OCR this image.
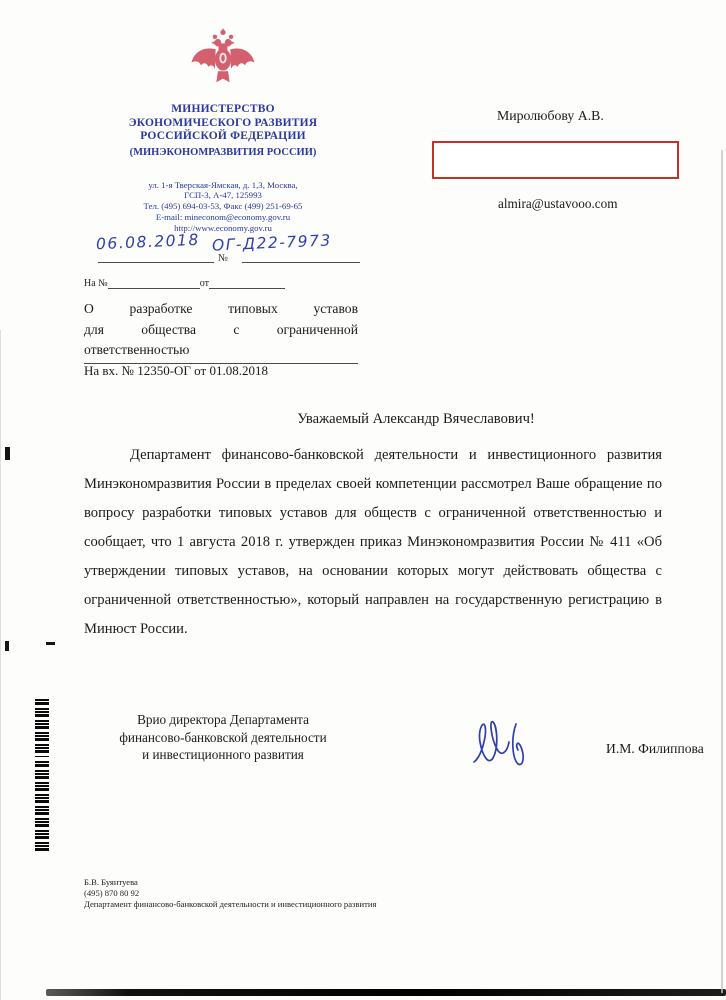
МИНИСТЕРСТВО
ЭКОНОМИЧЕСКОГО РАЗВИТИЯ
РОССИЙСКОЙ ФЕДЕРАЦИИ
(МИНЭКОНОМРАЗВИТИЯ РОССИИ)
ул. 1-я Тверская-Ямская, д. 1,3, Москва,
ГСП-3, А-47, 125993
Тел. (495) 694-03-53, Факс (499) 251-69-65
E-mail: mineconom@economy.gov.ru
http://www.economy.gov.ru
№
06.08.2018 ОГ-Д22-7973
На №	от
Миролюбову А.В.
almira@ustavooo.com
О разработке типовых уставов
для общества с ограниченной
ответственностью
На вх. № 12350-ОГ от 01.08.2018
Уважаемый Александр Вячеславович!
Департамент финансово-банковской деятельности и инвестиционного развития Минэкономразвития России в пределах своей компетенции рассмотрел Ваше обращение по вопросу разработки типовых уставов для обществ с ограниченной ответственностью и сообщает, что 1 августа 2018 г. утвержден приказ Минэкономразвития России № 411 «Об утверждении типовых уставов, на основании которых могут действовать общества с ограниченной ответственностью», который направлен на государственную регистрацию в Минюст России.
Врио директора Департамента
финансово-банковской деятельности
и инвестиционного развития	И.М. Филиппова
Б.В. Буянтуева
(495) 870 80 92
Департамент финансово-банковской деятельности и инвестиционного развития
